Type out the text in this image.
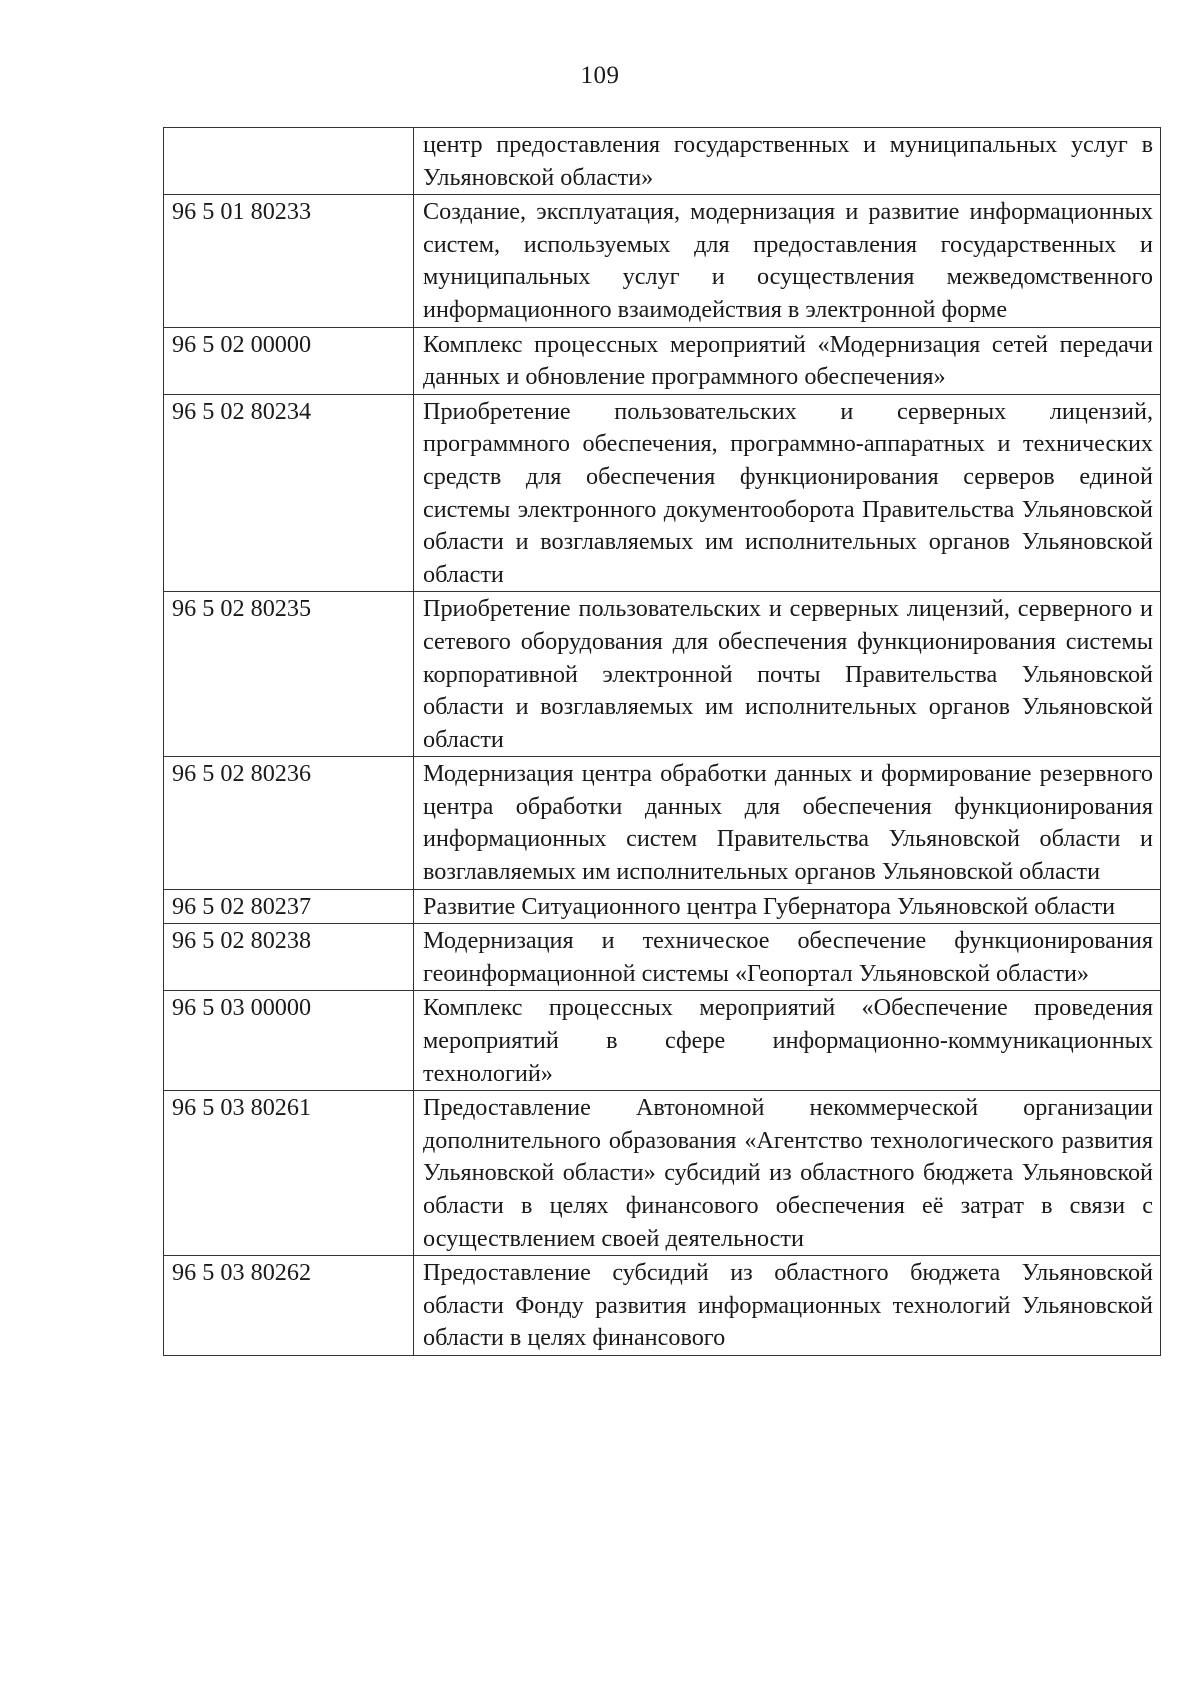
109
	центр предоставления государственных и муниципальных услуг в Ульяновской области»
96 5 01 80233	Создание, эксплуатация, модернизация и развитие информационных систем, используемых для предоставления государственных и муниципальных услуг и осуществления межведомственного информационного взаимодействия в электронной форме
96 5 02 00000	Комплекс процессных мероприятий «Модернизация сетей передачи данных и обновление программного обеспечения»
96 5 02 80234	Приобретение пользовательских и серверных лицензий, программного обеспечения, программно-аппаратных и технических средств для обеспечения функционирования серверов единой системы электронного документооборота Правительства Ульяновской области и возглавляемых им исполнительных органов Ульяновской области
96 5 02 80235	Приобретение пользовательских и серверных лицензий, серверного и сетевого оборудования для обеспечения функционирования системы корпоративной электронной почты Правительства Ульяновской области и возглавляемых им исполнительных органов Ульяновской области
96 5 02 80236	Модернизация центра обработки данных и формирование резервного центра обработки данных для обеспечения функционирования информационных систем Правительства Ульяновской области и возглавляемых им исполнительных органов Ульяновской области
96 5 02 80237	Развитие Ситуационного центра Губернатора Ульяновской области
96 5 02 80238	Модернизация и техническое обеспечение функционирования геоинформационной системы «Геопортал Ульяновской области»
96 5 03 00000	Комплекс процессных мероприятий «Обеспечение проведения мероприятий в сфере информационно-коммуникационных технологий»
96 5 03 80261	Предоставление Автономной некоммерческой организации дополнительного образования «Агентство технологического развития Ульяновской области» субсидий из областного бюджета Ульяновской области в целях финансового обеспечения её затрат в связи с осуществлением своей деятельности
96 5 03 80262	Предоставление субсидий из областного бюджета Ульяновской области Фонду развития информационных технологий Ульяновской области в целях финансового
